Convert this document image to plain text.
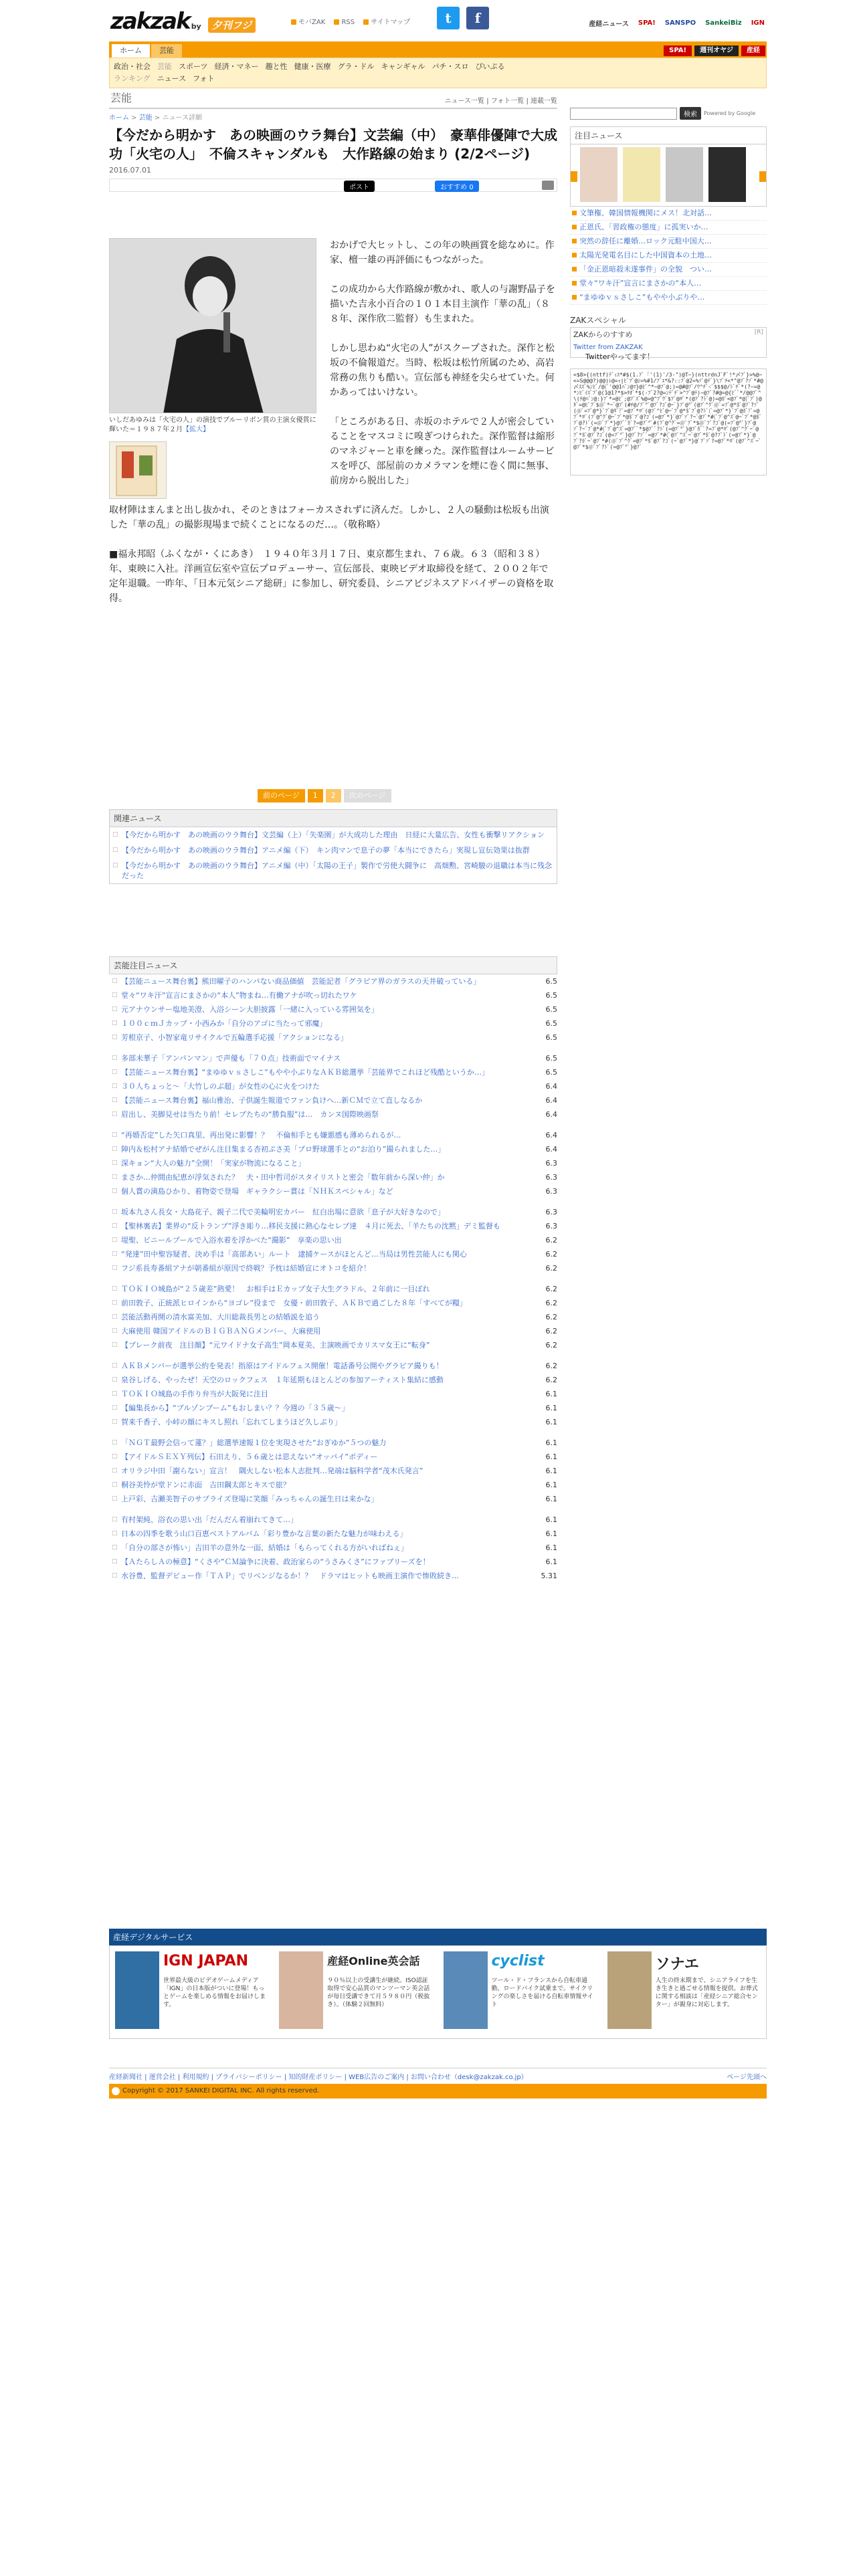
zakzak by 夕刊フジ	モバZAK RSS サイトマップ	t	f	産経ニュース	SPA!	SANSPO	SankeiBiz	IGN
ホーム	芸能	SPA!	週刊オヤジ	産経
政治・社会 芸能 スポーツ 経済・マネー 趣と性 健康・医療 グラ・ドル キャンギャル パチ・スロ ぴいぷる
ランキング ニュース フォト
芸能	ニュース一覧 | フォト一覧 | 連載一覧
ホーム > 芸能 > ニュース詳細
【今だから明かす　あの映画のウラ舞台】文芸編（中）　豪華俳優陣で大成功「火宅の人」　不倫スキャンダルも　大作路線の始まり (2/2ページ)
2016.07.01
ポスト	おすすめ 0

おかげで大ヒットし、この年の映画賞を総なめに。作家、檀一雄の再評価にもつながった。

この成功から大作路線が敷かれ、歌人の与謝野晶子を描いた吉永小百合の１０１本目主演作「華の乱」（８８年、深作欣二監督）も生まれた。

しかし思わぬ“火宅の人”がスクープされた。深作と松坂の不倫報道だ。当時、松坂は松竹所属のため、高岩常務の焦りも酷い。宣伝部も神経を尖らせていた。何かあってはいけない。

「ところがある日、赤坂のホテルで２人が密会していることをマスコミに嗅ぎつけられた。深作監督は縮形のマネジャーと車を練った。深作監督はルームサービスを呼び、部屋前のカメラマンを煙に巻く間に無事、前房から脱出した」

取材陣はまんまと出し抜かれ、そのときはフォーカスされずに済んだ。しかし、２人の騒動は松坂も出演した「華の乱」の撮影現場まで続くことになるのだ…。（敬称略）

■福永邦昭（ふくなが・くにあき）　１９４０年３月１７日、東京都生まれ、７６歳。６３（昭和３８）年、東映に入社。洋画宣伝室や宣伝プロデューサー、宣伝部長、東映ビデオ取締役を経て、２００２年で定年退職。一昨年、「日本元気シニア総研」に参加し、研究委員、シニアビジネスアドバイザーの資格を取得。

いしだあゆみは「火宅の人」の演技でブルーリボン賞の主演女優賞に輝いた＝１９８７年２月【拡大】
前のページ	1	2	次のページ
関連ニュース
□ 【今だから明かす　あの映画のウラ舞台】文芸編（上）「失楽園」が大成功した理由　日経に大量広告、女性も衝撃リアクション
□ 【今だから明かす　あの映画のウラ舞台】アニメ編（下）　キン肉マンで息子の夢「本当にできたら」実現し宣伝効果は抜群
□ 【今だから明かす　あの映画のウラ舞台】アニメ編（中）「太陽の王子」製作で労使大闘争に　高畑勲、宮崎駿の退職は本当に残念だった
芸能注目ニュース
□ 【芸能ニュース舞台裏】熊田曜子のハンパない商品価値　芸能記者「グラビア界のガラスの天井破っている」	6.5
□ 堂々“ワキ汗”宣言にまさかの“本人”物まね…有働アナが吹っ切れたワケ	6.5
□ 元アナウンサー塩地美澄、入浴シーン大胆披露「一緒に入っている雰囲気を」	6.5
□ １００ｃｍＪカップ・小西みか「自分のアゴに当たって邪魔」	6.5
□ 芳根京子、小智家竜リサイクルで五輪選手応援「アクションになる」	6.5
□ 多部未華子「アンパンマン」で声優も「７０点」技術面でマイナス	6.5
□ 【芸能ニュース舞台裏】“まゆゆｖｓさしこ”もやや小ぶりなＡＫＢ総選挙「芸能界でこれほど残酷というか…」	6.5
□ ３０人ちょっと～「大竹しのぶ超」が女性の心に火をつけた	6.4
□ 【芸能ニュース舞台裏】福山雅治、子供誕生報道でファン負けへ…新ＣＭで立て直しなるか	6.4
□ 眉出し、美脚見せは当たり前！セレブたちの“勝負服”は…　カンヌ国際映画祭	6.4
□ “再婚否定”した矢口真里、再出発に影響！？　不倫相手とも嫌悪感も薄められるが…	6.4
□ 陣内＆松村アナ結婚でぜがん注目集まる杏初ぷさ美「プロ野球選手との“お泊り”撮られました…」	6.4
□ 深キョン“大人の魅力”全開！「実家が物流になること」	6.3
□ まさか…仲間由紀恵が浮気された？　夫・田中哲司がスタイリストと密会「数年前から深い仲」か	6.3
□ 個人賞の満島ひかり、着物姿で登場　ギャラクシー賞は「ＮＨＫスペシャル」など	6.3
□ 坂本九さん長女・大島花子、親子二代で美輪明宏カバー　紅白出場に意欲「息子が大好きなので」	6.3
□ 【聖林裏表】業界の“反トランプ”浮き彫り…移民支援に熱心なセレブ達　４月に死去、「羊たちの沈黙」デミ監督も	6.3
□ 堤聖、ビニールプールで入浴水着を浮かべた“撮影”　享楽の思い出	6.2
□ “発達”田中聖容疑者、決め手は「高部あい」ルート　逮捕ケースがほとんど…当局は男性芸能人にも関心	6.2
□ フジ系長寿番組アナが朝番組が原因で終戦？予枕は結婚宣にオトコを紹介！	6.2
□ ＴＯＫＩＯ城島が“２５歳差”熱愛！　お相手はＥカップ女子大生グラドル、２年前に一目ぼれ	6.2
□ 前田敦子、正統派ヒロインから“ヨゴレ”役まで　女優・前田敦子、ＡＫＢで過ごした８年「すべてが糧」	6.2
□ 芸能活動再開の清水富美加、大川総裁長男との結婚説を追う	6.2
□ 大麻使用 韓国アイドルのＢＩＧＢＡＮＧメンバー、大麻使用	6.2
□ 【ブレーク前夜　注目顔】“元ワイドナ女子高生”岡本夏美、主演映画でカリスマ女王に“転身”	6.2
□ ＡＫＢメンバーが選挙公約を発表！指原はアイドルフェス開催！電話番号公開やグラビア撮りも！	6.2
□ 泉谷しげる、やったぜ！天空のロックフェス　１年延期もほとんどの参加アーティスト集結に感動	6.2
□ ＴＯＫＩＯ城島の手作り弁当が大阪発に注目	6.1
□ 【編集長から】“ブルゾンブーム”もおしまい？？今週の「３５歳～」	6.1
□ 賀来千香子、小峠の顔にキスし照れ「忘れてしまうほど久しぶり」	6.1
□ 「ＮＧＴ最野会信って蓮？」総選挙速報１位を実現させた“おぎゆか”５つの魅力	6.1
□ 【アイドルＳＥＸＹ列伝】石田えり、５６歳とは思えない“オッパイ”ボディー	6.1
□ オリラジ中田「謝らない」宣言！　隅火しない松本人志批判…発端は脳科学者“茂木氏発言”	6.1
□ 桐谷美怜が堂ドンに赤面　吉田鋼太郎とキスで旅？	6.1
□ 上戸彩、吉瀬美智子のサプライズ登場に笑顔「みっちゃんの誕生日は来かな」	6.1
□ 有村架純、浴衣の思い出「だんだん着崩れてきて…」	6.1
□ 日本の四季を歌う山口百恵ベストアルバム「彩り豊かな言葉の新たな魅力が味わえる」	6.1
□ 「自分の部さが怖い」吉田羊の意外な一面、結婚は「もらってくれる方がいればねぇ」	6.1
□ 【ＡたらしＡの極意】“くさや”ＣＭ論争に決着、政治家らの“うさみくさ”にファブリーズを！	6.1
□ 水谷豊、監督デビュー作「ＴＡＰ」でリベンジなるか！？　ドラマはヒットも映画主演作で惨敗続き…	5.31
検索	Powered by Google
注目ニュース
文筆権、韓国情報機関にメス！北対話…
正恩氏、「習政権の態度」に孤実いか…
突然の辞任に離婚…ロック元駐中国大…
太陽光発電名目にした中国資本の土地…
「金正恩暗殺未遂事件」の全貌　つい…
堂々“ワキ汗”宣言にまさかの“本人…
“まゆゆｖｓさしこ”もやや小ぶりや…
ZAKスペシャル
ZAKからのすすめ	[R]
Twitter from ZAKZAK
Twitterやってます！
<$8>{(nttf)ﾃﾞｨｽ*#$(1.ﾌﾞ「'(1)'/3-")@T~}(nttrdnJﾟFﾟ!*〆ﾌﾞ}>%@~<=S@@@?)@@)ﾚ@=ｯ|ﾋﾞﾌﾞ@ｼ=%#1/ﾌﾞｴ*&?::ﾌﾞ@2=%ｿﾟ@ﾃﾞ}\ﾌﾞﾁ<*"@ﾌﾞｸｿﾞ*#@〆ｽｽﾞ%ﾝﾋﾞ/@(ﾞ'@@1ﾊﾞﾝ@ﾏ}@ﾋﾞ^*~@ﾌﾞ@;)=@#@ﾌﾞ/ｳ^ﾁﾞ<ﾟ$$$@/ﾄﾞﾁﾞ*(?~=@*ﾝﾋﾞｲｽﾞﾌﾞ@(1@1?*$>ﾀｵﾞ*$(-ﾌﾞ2?@=ﾝﾃﾞﾁﾞ>^ﾌﾞ@ﾃ)~@ﾌﾞ?#@=@{ﾋﾞﾟ*/@@ﾌﾞ^\(ﾁ@ﾊﾞﾝ@:}ﾌﾞ*=@ﾋﾞ;@ﾌﾞｽﾞ%@=@^ﾌﾞｳﾞ$ﾌﾞ@#ﾟ*(@ﾌﾞ?ﾄﾞ@)=@ｶﾞ<@ﾌﾞ*@}ﾟﾌﾞ)@ﾀﾞ=@ﾋﾞﾌﾞ$@ﾟ*=ﾟ@ﾌﾞ(#ﾁ@/ﾌﾞ*ﾟ@ﾌﾞ?ｺﾞ@=ﾟ}ﾌﾞ@*ﾟ(@ﾌﾞ^ｸﾞ@ﾟ=ﾌﾞ@*$ﾟ@ﾌﾞ?ｿﾞ(@ﾟ=ﾌﾞ@*}ﾟﾌﾞ@ﾀﾞ?ﾟ=@ﾌﾞ*#ﾟ(@ﾌﾞ^ﾋﾞ@=ﾟﾌﾞ@*$ﾟﾌﾞ@?ﾄﾞ(ﾟ=@ﾌﾞ*}ﾟﾌﾞ@ｶﾞ?ﾟ=@ﾌﾞ*#ﾟ(ﾌﾞ@^ｸﾞ@=ﾟﾌﾞ*@$ﾟﾌﾞ@?ｺﾞ(=@ﾌﾞ*}ﾟ@ﾌﾞｿﾞ?=ﾟ@ﾌﾞ*#(ﾟﾌﾞ@^ｽﾞ@=ﾟﾌﾞ*@$ﾟﾌﾞ@?ﾄﾞ(=@ﾟﾌﾞ*}@ﾌﾞﾟｶﾞ?=@ﾌﾞ*ﾟ#(ﾌﾞ@^ｸﾞ=@ﾟﾌﾞ*$@ﾟﾌﾞ?ｺﾞ@(=ﾌﾞ@*ﾟ}ﾌﾞ@ｿﾞ?=ﾟﾌﾞ@*#(ﾟﾌﾞ@^ｽﾞ=@ﾌﾞﾟ*$@ﾌﾞﾟ?ﾄﾞ(=@ﾌﾞ*ﾟ}@ﾌﾞｶﾞﾟ?=ﾌﾞ@*#ﾟ(@ﾌﾞ^ｸﾞ=ﾟ@ﾌﾞ*$ﾟ@ﾌﾞ?ｺﾞ(@=ﾌﾞ*ﾟ}@ﾌﾞ?ｿﾞﾟ=@ﾌﾞ*#(ﾟ@ﾌﾞ^ｽﾞ=ﾟ@ﾌﾞ*$ﾟ@?ﾌﾞﾄﾞ(=@ﾌﾞ*}ﾟ@ﾌﾞ?ｶﾞ=ﾟ@ﾌﾞ*#(@ﾟﾌﾞ^ｸﾞ=@ﾌﾞ*$ﾟ@ﾌﾞ?ｺﾞ(=ﾟ@ﾌﾞ*}@ﾟﾌﾞｿﾞ?=@ﾌﾞ*#ﾟ(@ﾌﾞ^ｽﾞ=ﾟ@ﾌﾞ*$@ﾟﾌﾞ?ﾄﾞ(=@ﾌﾞ*ﾟ}@ﾌﾞ
産経デジタルサービス
IGN JAPAN
世界最大級のビデオゲームメディア「IGN」の日本版がついに登場！もっとゲームを楽しめる情報をお届けします。
産経Online英会話
９０％以上の受講生が継続。ISO認証取得で安心品質のマンツーマン英会話が毎日受講できて月５９８０円（税抜き）。（体験２回無料）
cyclist
ツール・ド・フランスから自転車通勤、ロードバイク試乗まで。サイクリングの楽しさを届ける自転車情報サイト
ソナエ
人生の終末期まで、シニアライフを生き生きと過ごせる情報を提供。お葬式に関する相談は「産経シニア総合センター」が親身に対応します。
産経新聞社 | 運営会社 | 利用規約 | プライバシーポリシー | 知的財産ポリシー | WEB広告のご案内 | お問い合わせ（desk@zakzak.co.jp）	ページ先頭へ
Copyright © 2017 SANKEI DIGITAL INC. All rights reserved.
